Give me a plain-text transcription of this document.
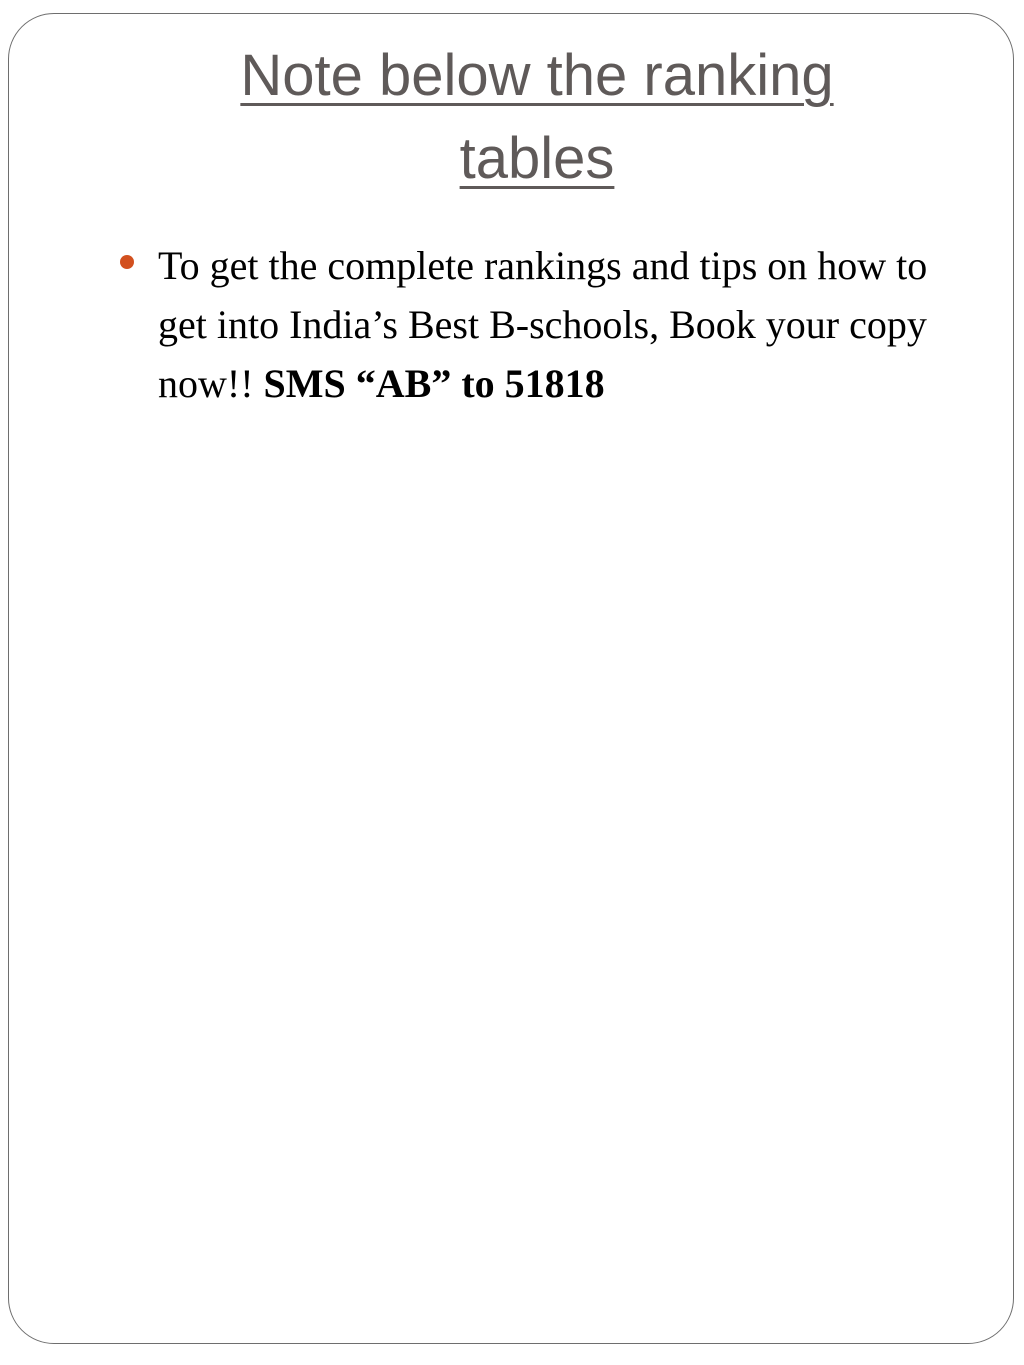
Note below the ranking
tables
To get the complete rankings and tips on how to get into India’s Best B-schools, Book your copy now!! SMS “AB” to 51818
